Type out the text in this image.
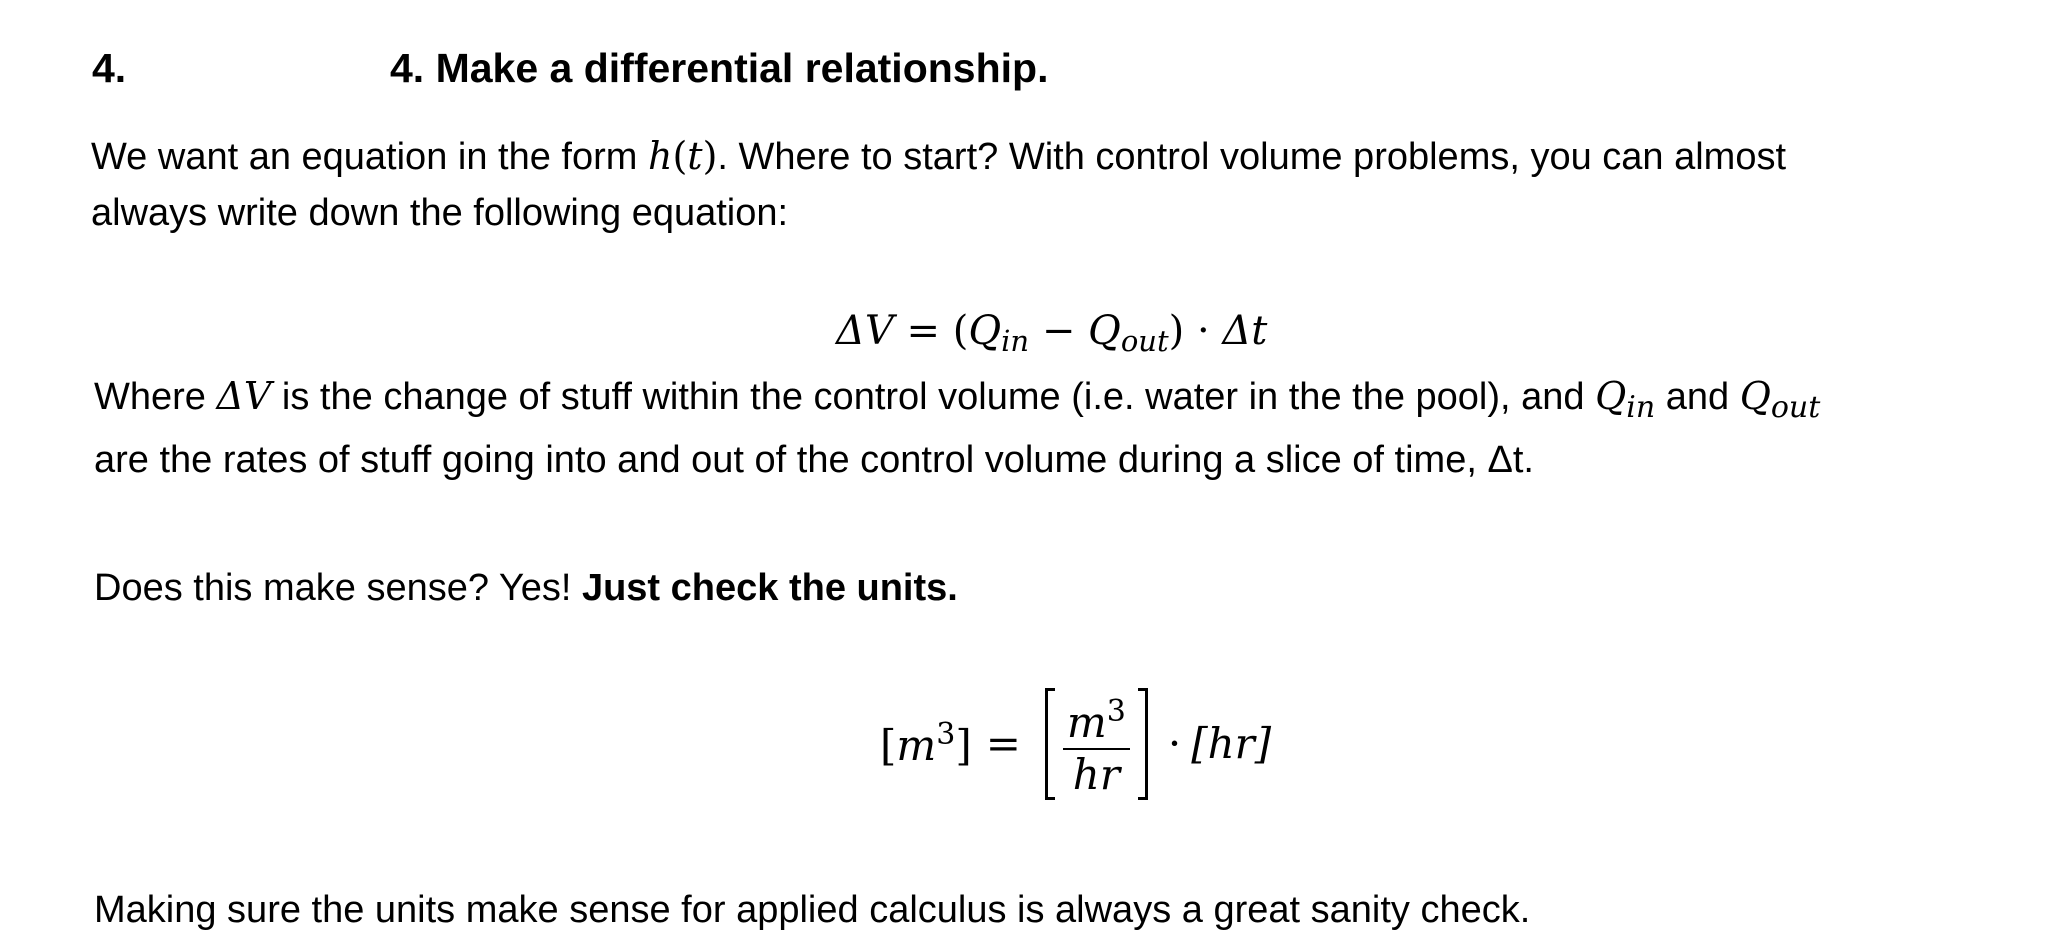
4.	4. Make a differential relationship.
We want an equation in the form h(t). Where to start? With control volume problems, you can almost
always write down the following equation:
$\Delta V = (Q_{in} - Q_{out}) \cdot \Delta t$
Where ΔV is the change of stuff within the control volume (i.e. water in the the pool), and $Q_{in}$ and $Q_{out}$
are the rates of stuff going into and out of the control volume during a slice of time, Δt.
Does this make sense? Yes! Just check the units.
$[m^3] = \frac{m^3}{hr} \cdot [hr]$
Making sure the units make sense for applied calculus is always a great sanity check.
